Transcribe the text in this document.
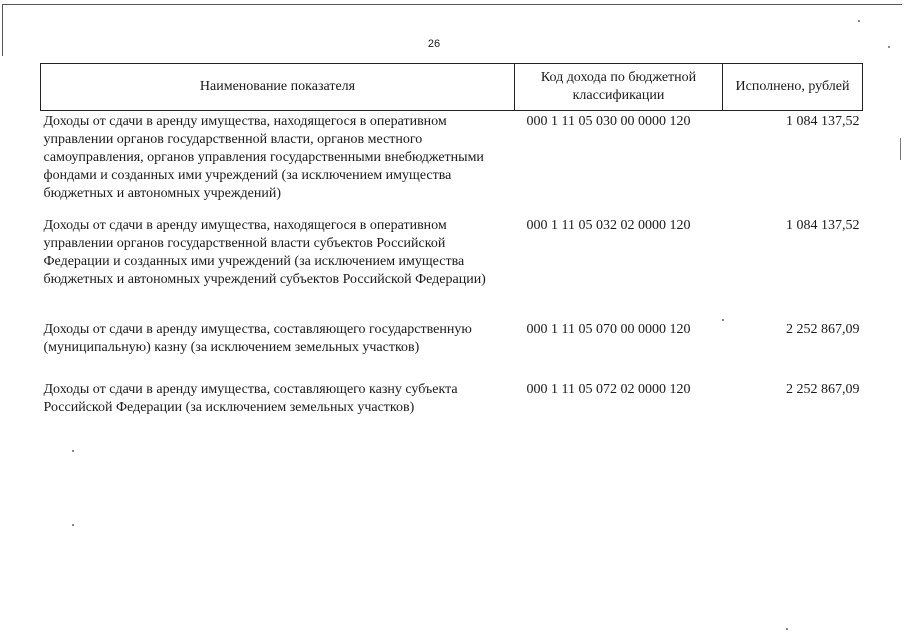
26
Наименование показателя	Код дохода по бюджетной классификации	Исполнено, рублей
Доходы от сдачи в аренду имущества, находящегося в оперативном управлении органов государственной власти, органов местного самоуправления, органов управления государственными внебюджетными фондами и созданных ими учреждений (за исключением имущества бюджетных и автономных учреждений)	000 1 11 05 030 00 0000 120	1 084 137,52
Доходы от сдачи в аренду имущества, находящегося в оперативном управлении органов государственной власти субъектов Российской Федерации и созданных ими учреждений (за исключением имущества бюджетных и автономных учреждений субъектов Российской Федерации)	000 1 11 05 032 02 0000 120	1 084 137,52
Доходы от сдачи в аренду имущества, составляющего государственную (муниципальную) казну (за исключением земельных участков)	000 1 11 05 070 00 0000 120	2 252 867,09
Доходы от сдачи в аренду имущества, составляющего казну субъекта Российской Федерации (за исключением земельных участков)	000 1 11 05 072 02 0000 120	2 252 867,09
